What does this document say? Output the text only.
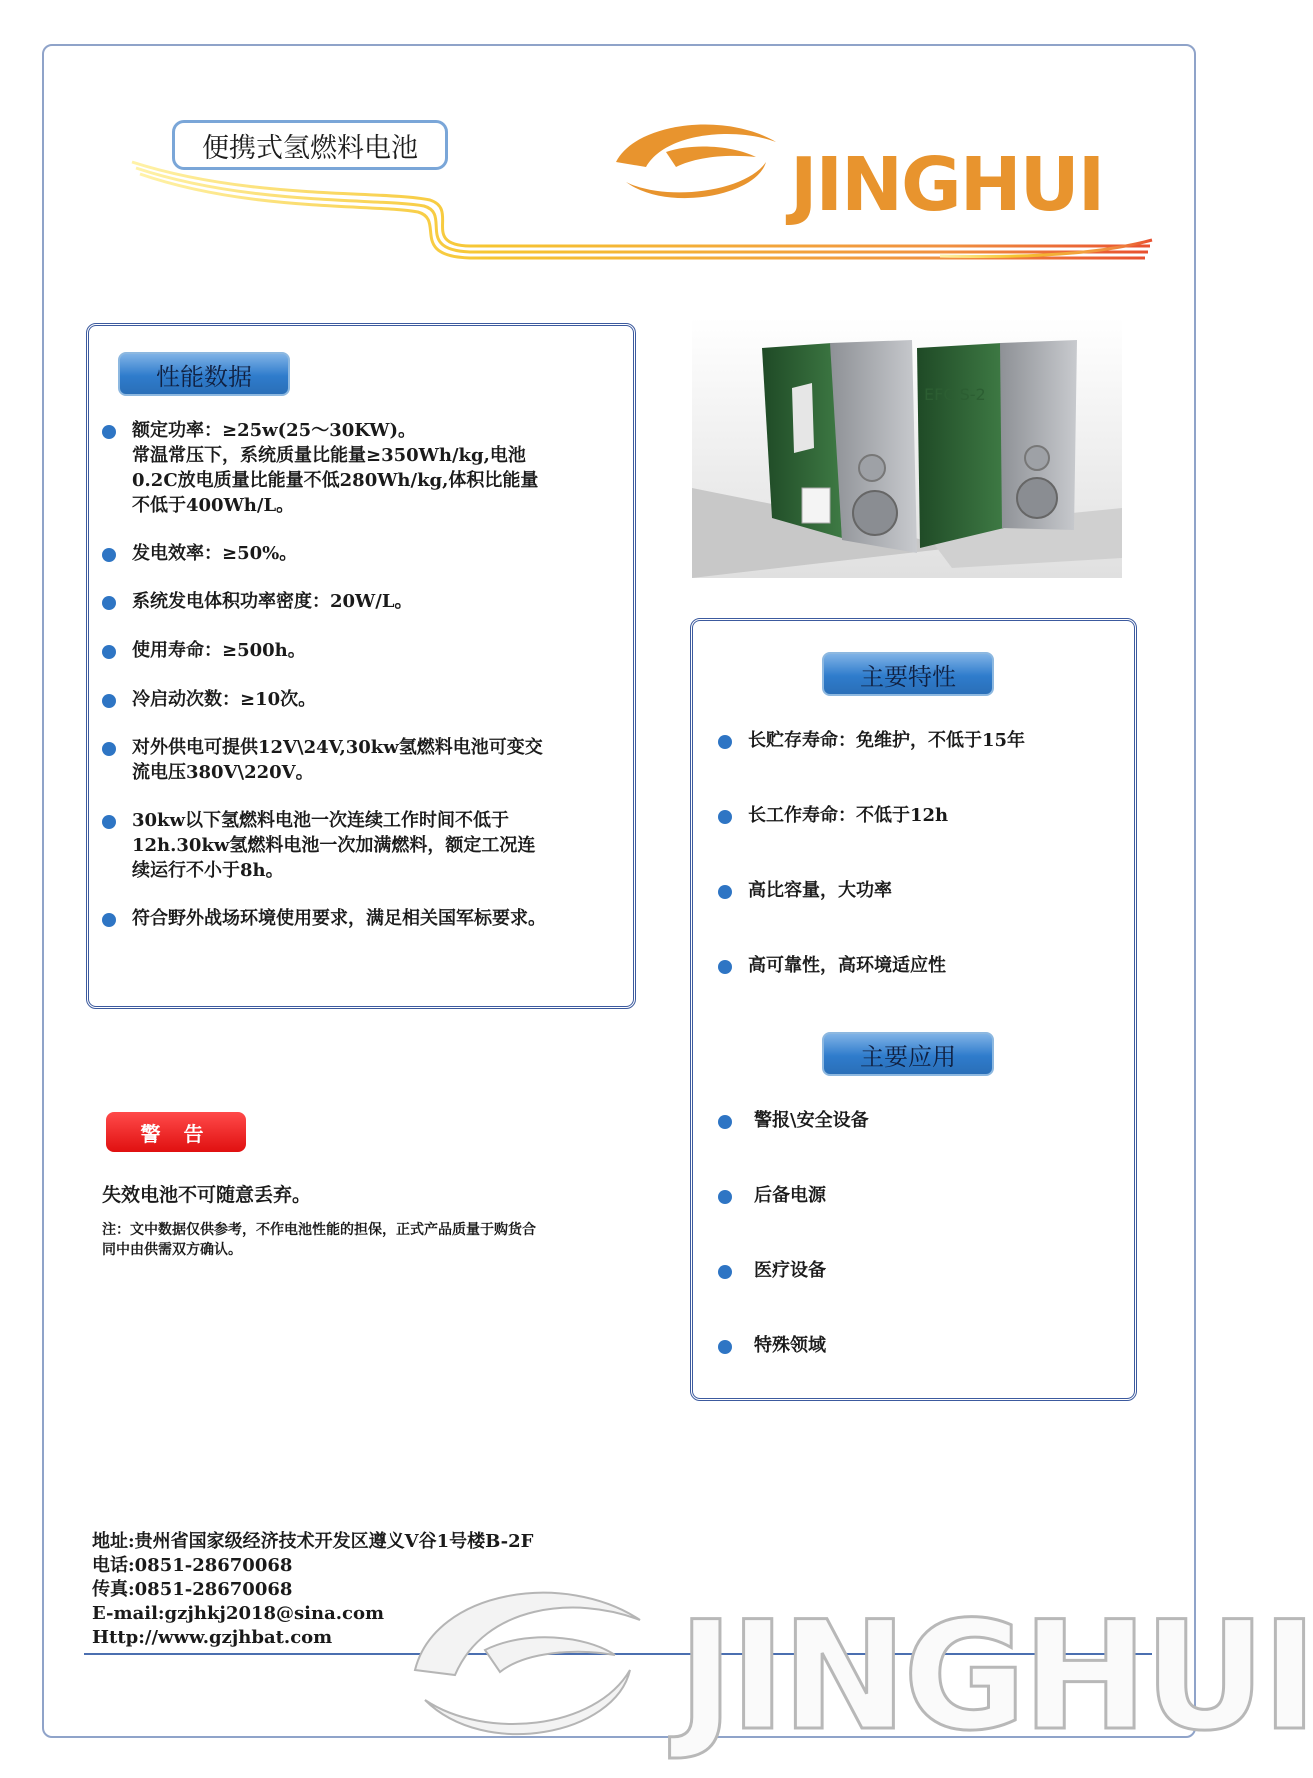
便携式氢燃料电池	JINGHUI
性能数据
额定功率：≥25w(25～30KW)。
常温常压下，系统质量比能量≥350Wh/kg,电池
0.2C放电质量比能量不低280Wh/kg,体积比能量
不低于400Wh/L。
发电效率：≥50%。
系统发电体积功率密度：20W/L。
使用寿命：≥500h。
冷启动次数：≥10次。
对外供电可提供12V\24V,30kw氢燃料电池可变交
流电压380V\220V。
30kw以下氢燃料电池一次连续工作时间不低于
12h.30kw氢燃料电池一次加满燃料，额定工况连
续运行不小于8h。
符合野外战场环境使用要求，满足相关国军标要求。
EFC S-2
主要特性
长贮存寿命：免维护，不低于15年
长工作寿命：不低于12h
高比容量，大功率
高可靠性，高环境适应性
主要应用
警报\安全设备
后备电源
医疗设备
特殊领域
警 告
失效电池不可随意丢弃。
注：文中数据仅供参考，不作电池性能的担保，正式产品质量于购货合
同中由供需双方确认。
地址:贵州省国家级经济技术开发区遵义V谷1号楼B-2F
电话:0851-28670068
传真:0851-28670068
E-mail:gzjhkj2018@sina.com
Http://www.gzjhbat.com	JINGHUI
